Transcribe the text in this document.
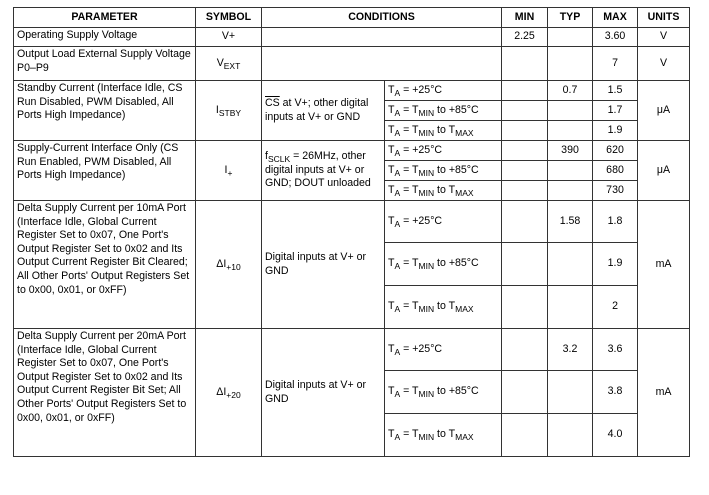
PARAMETER	SYMBOL	CONDITIONS		MIN	TYP	MAX	UNITS
Operating Supply Voltage	V+			2.25		3.60	V
Output Load External Supply Voltage P0–P9	$V_{EXT}$					7	V
Standby Current (Interface Idle, CS Run Disabled, PWM Disabled, All Ports High Impedance)	$I_{STBY}$	$\overline{CS}$ at V+; other digital inputs at V+ or GND	$T_A = +25^\circ C$		0.7	1.5	μA
			$T_A = T_{MIN}$ to +85°C			1.7	
			$T_A = T_{MIN}$ to $T_{MAX}$			1.9	
Supply-Current Interface Only (CS Run Enabled, PWM Disabled, All Ports High Impedance)	$I_+$	$f_{SCLK} = 26MHz$, other digital inputs at V+ or GND; DOUT unloaded	$T_A = +25^\circ C$		390	620	μA
			$T_A = T_{MIN}$ to +85°C			680	
			$T_A = T_{MIN}$ to $T_{MAX}$			730	
Delta Supply Current per 10mA Port (Interface Idle, Global Current Register Set to 0x07, One Port's Output Register Set to 0x02 and Its Output Current Register Bit Cleared; All Other Ports' Output Registers Set to 0x00, 0x01, or 0xFF)	$\Delta I_{+10}$	Digital inputs at V+ or GND	$T_A = +25^\circ C$		1.58	1.8	mA
			$T_A = T_{MIN}$ to +85°C			1.9	
			$T_A = T_{MIN}$ to $T_{MAX}$			2	
Delta Supply Current per 20mA Port (Interface Idle, Global Current Register Set to 0x07, One Port's Output Register Set to 0x02 and Its Output Current Register Bit Set; All Other Ports' Output Registers Set to 0x00, 0x01, or 0xFF)	$\Delta I_{+20}$	Digital inputs at V+ or GND	$T_A = +25^\circ C$		3.2	3.6	mA
			$T_A = T_{MIN}$ to +85°C			3.8	
			$T_A = T_{MIN}$ to $T_{MAX}$			4.0	
